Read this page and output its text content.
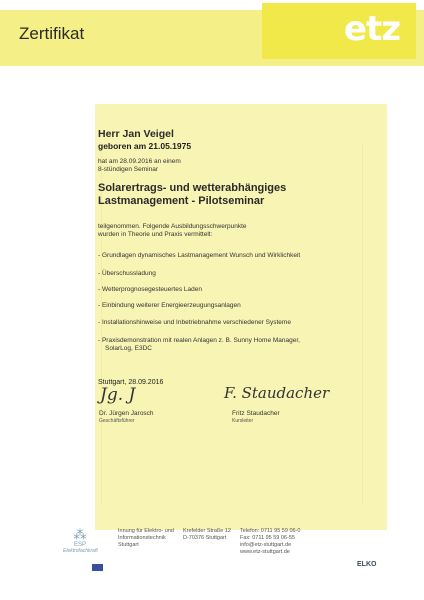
Zertifikat	etz
Herr Jan Veigel
geboren am 21.05.1975
hat am 28.09.2016 an einem
8-stündigen Seminar
Solarertrags- und wetterabhängiges
Lastmanagement - Pilotseminar
teilgenommen. Folgende Ausbildungsschwerpunkte
wurden in Theorie und Praxis vermittelt:
- Grundlagen dynamisches Lastmanagement Wunsch und Wirklichkeit
- Überschussladung
- Wetterprognosegesteuertes Laden
- Einbindung weiterer Energieerzeugungsanlagen
- Installationshinweise und Inbetriebnahme verschiedener Systeme
- Praxisdemonstration mit realen Anlagen z. B. Sunny Home Manager,
SolarLog, E3DC
Stuttgart, 28.09.2016
Jg. J	F. Staudacher
Dr. Jürgen Jarosch
Geschäftsführer
Fritz Staudacher
Kursleiter
⁂
ESP
Elektrofachkraft
Innung für Elektro- und
Informationstechnik
Stuttgart
Krefelder Straße 12
D-70376 Stuttgart
Telefon: 0711 95 59 06-0
Fax: 0711 95 59 06-55
info@etz-stuttgart.de
www.etz-stuttgart.de
ELKO
